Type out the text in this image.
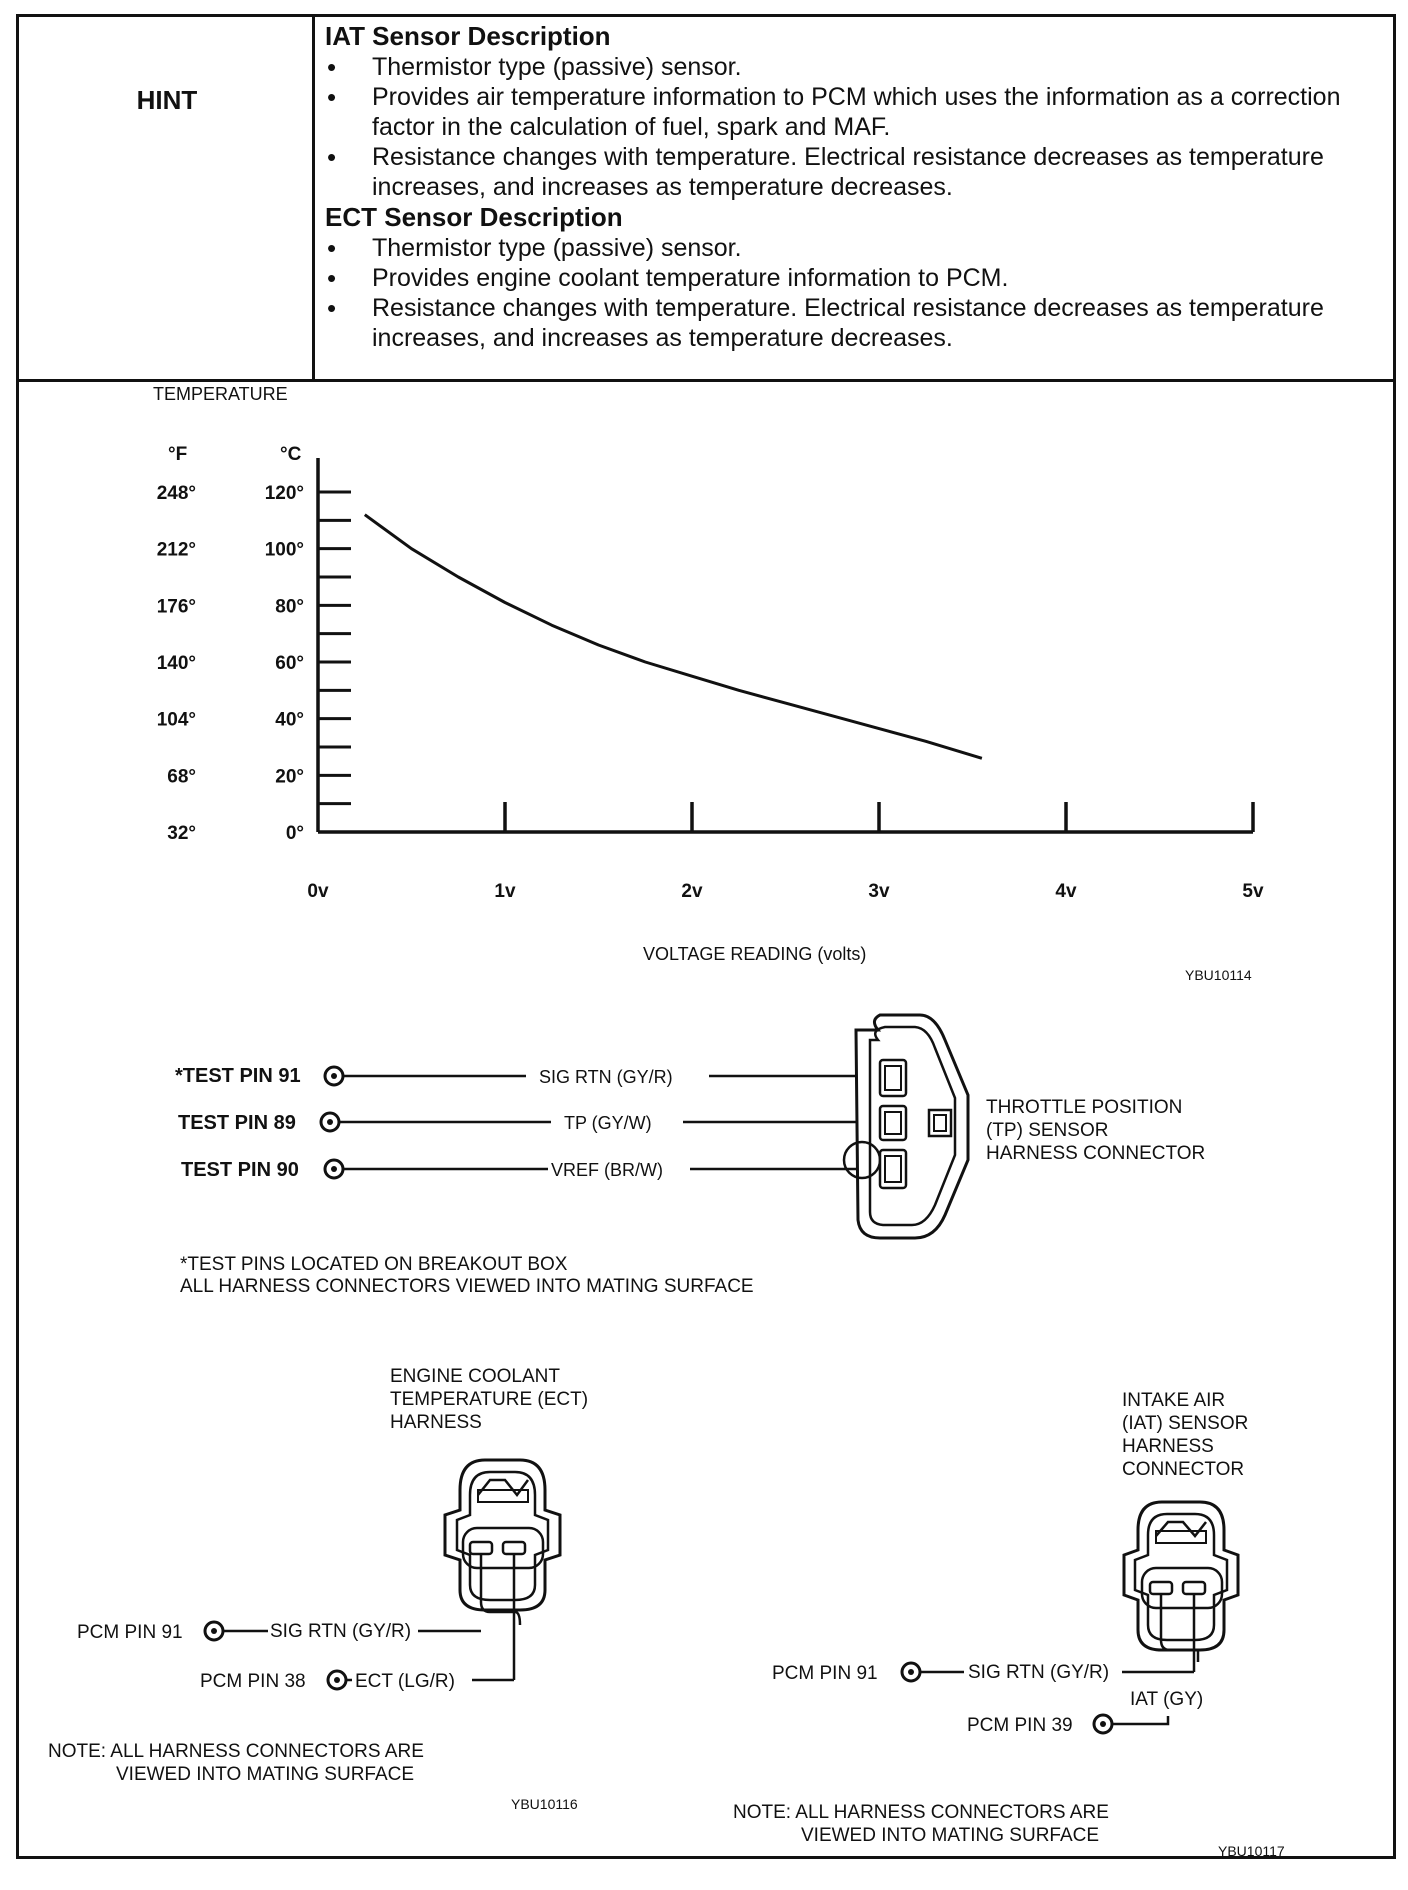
HINT
IAT Sensor Description
• Thermistor type (passive) sensor.
• Provides air temperature information to PCM which uses the information as a correction factor in the calculation of fuel, spark and MAF.
• Resistance changes with temperature. Electrical resistance decreases as temperature increases, and increases as temperature decreases.
ECT Sensor Description
• Thermistor type (passive) sensor.
• Provides engine coolant temperature information to PCM.
• Resistance changes with temperature. Electrical resistance decreases as temperature increases, and increases as temperature decreases.
TEMPERATURE
°F	°C
VOLTAGE READING (volts)
YBU10114
0°
20°
40°
60°
80°
100°
120°
32°
68°
104°
140°
176°
212°
248°
0v	1v	2v	3v	4v	5v
*TEST PIN 91
TEST PIN 89
TEST PIN 90
SIG RTN (GY/R)
TP (GY/W)
VREF (BR/W)
THROTTLE POSITION
(TP) SENSOR
HARNESS CONNECTOR
*TEST PINS LOCATED ON BREAKOUT BOX
ALL HARNESS CONNECTORS VIEWED INTO MATING SURFACE
ENGINE COOLANT
TEMPERATURE (ECT)
HARNESS
PCM PIN 91	SIG RTN (GY/R)
PCM PIN 38	ECT (LG/R)
NOTE: ALL HARNESS CONNECTORS ARE
VIEWED INTO MATING SURFACE
YBU10116
INTAKE AIR
(IAT) SENSOR
HARNESS
CONNECTOR
PCM PIN 91	SIG RTN (GY/R)
IAT (GY)
PCM PIN 39
NOTE: ALL HARNESS CONNECTORS ARE
VIEWED INTO MATING SURFACE
YBU10117
